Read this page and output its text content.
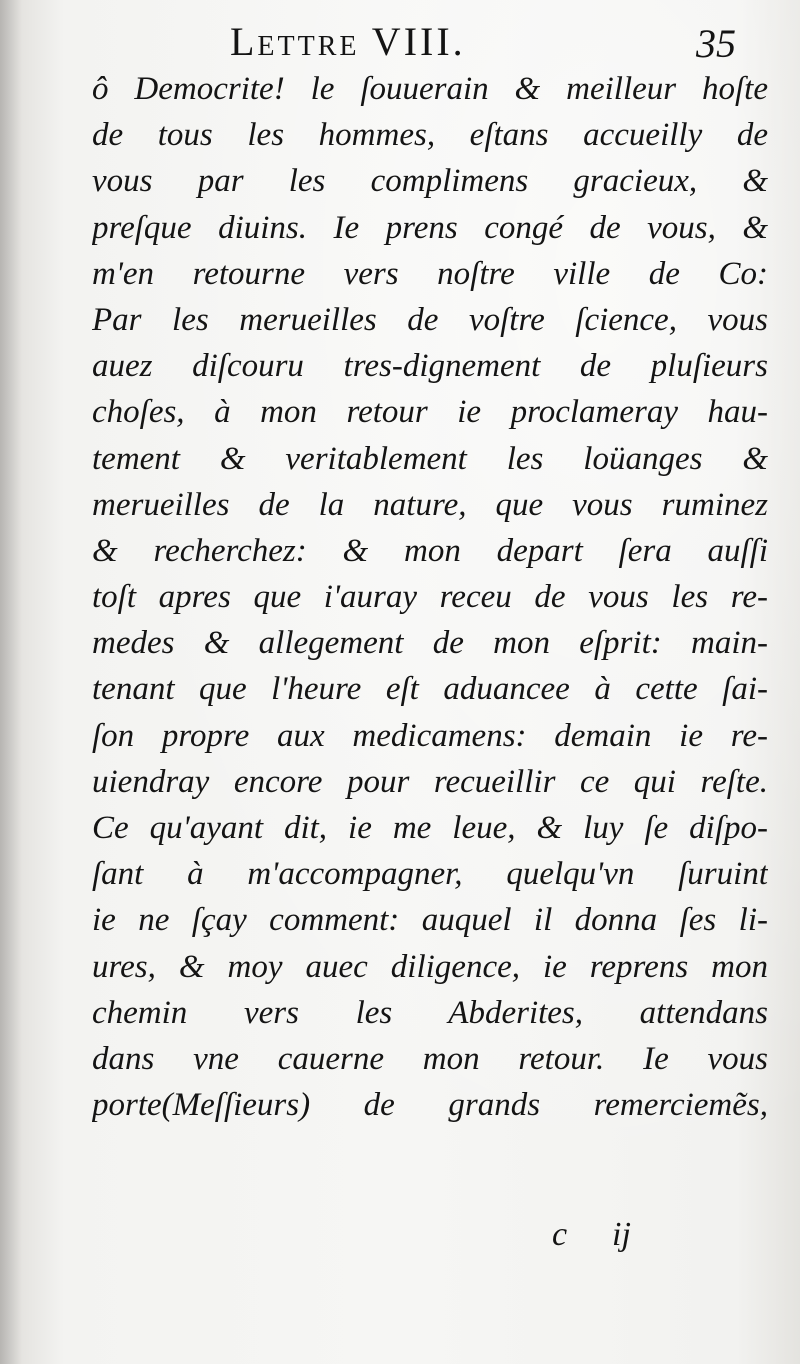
Lettre VIII.	35
ô Democrite! le ſouuerain & meilleur hoſte
de tous les hommes, eſtans accueilly de
vous par les complimens gracieux, &
preſque diuins. Ie prens congé de vous, &
m'en retourne vers noſtre ville de Co:
Par les merueilles de voſtre ſcience, vous
auez diſcouru tres-dignement de pluſieurs
choſes, à mon retour ie proclameray hau-
tement & veritablement les loüanges &
merueilles de la nature, que vous ruminez
& recherchez: & mon depart ſera auſſi
toſt apres que i'auray receu de vous les re-
medes & allegement de mon eſprit: main-
tenant que l'heure eſt aduancee à cette ſai-
ſon propre aux medicamens: demain ie re-
uiendray encore pour recueillir ce qui reſte.
Ce qu'ayant dit, ie me leue, & luy ſe diſpo-
ſant à m'accompagner, quelqu'vn ſuruint
ie ne ſçay comment: auquel il donna ſes li-
ures, & moy auec diligence, ie reprens mon
chemin vers les Abderites, attendans
dans vne cauerne mon retour. Ie vous
porte(Meſſieurs) de grands remerciemẽs,
c ij
